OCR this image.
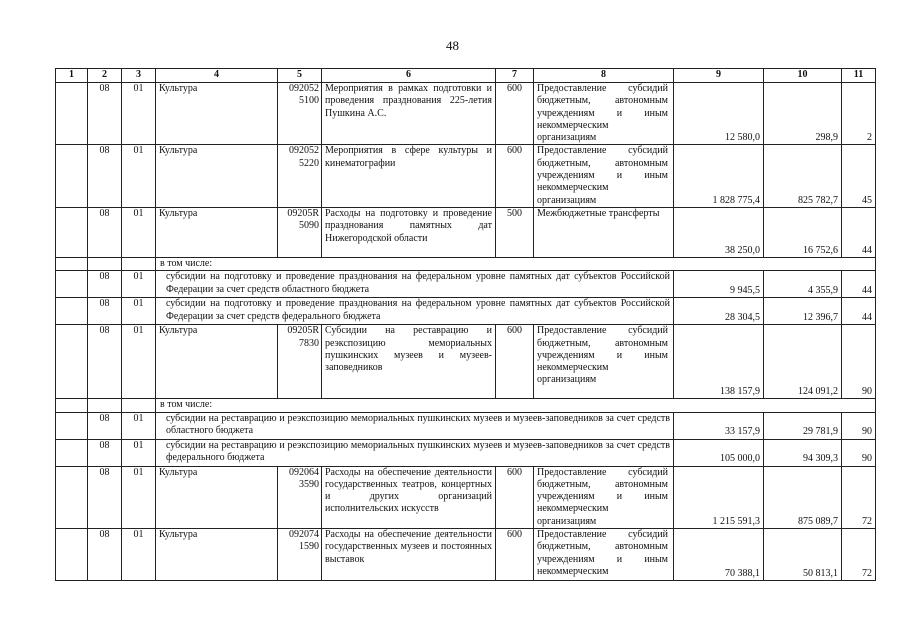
48
1	2	3	4	5	6	7	8	9	10	11
	08	01	Культура	092052 5100	Мероприятия в рамках подготовки и проведения празднования 225-летия Пушкина А.С.	600	Предоставление субсидий бюджетным, автономным учреждениям и иным некоммерческим организациям	12 580,0	298,9	2
	08	01	Культура	092052 5220	Мероприятия в сфере культуры и кинематографии	600	Предоставление субсидий бюджетным, автономным учреждениям и иным некоммерческим организациям	1 828 775,4	825 782,7	45
	08	01	Культура	09205R 5090	Расходы на подготовку и проведение празднования памятных дат Нижегородской области	500	Межбюджетные трансферты	38 250,0	16 752,6	44
			в том числе:							
	08	01	субсидии на подготовку и проведение празднования на федеральном уровне памятных дат субъектов Российской Федерации за счет средств областного бюджета					9 945,5	4 355,9	44
	08	01	субсидии на подготовку и проведение празднования на федеральном уровне памятных дат субъектов Российской Федерации за счет средств федерального бюджета					28 304,5	12 396,7	44
	08	01	Культура	09205R 7830	Субсидии на реставрацию и реэкспозицию мемориальных пушкинских музеев и музеев-заповедников	600	Предоставление субсидий бюджетным, автономным учреждениям и иным некоммерческим организациям	138 157,9	124 091,2	90
			в том числе:							
	08	01	субсидии на реставрацию и реэкспозицию мемориальных пушкинских музеев и музеев-заповедников за счет средств областного бюджета					33 157,9	29 781,9	90
	08	01	субсидии на реставрацию и реэкспозицию мемориальных пушкинских музеев и музеев-заповедников за счет средств федерального бюджета					105 000,0	94 309,3	90
	08	01	Культура	092064 3590	Расходы на обеспечение деятельности государственных театров, концертных и других организаций исполнительских искусств	600	Предоставление субсидий бюджетным, автономным учреждениям и иным некоммерческим организациям	1 215 591,3	875 089,7	72
	08	01	Культура	092074 1590	Расходы на обеспечение деятельности государственных музеев и постоянных выставок	600	Предоставление субсидий бюджетным, автономным учреждениям и иным некоммерческим	70 388,1	50 813,1	72
